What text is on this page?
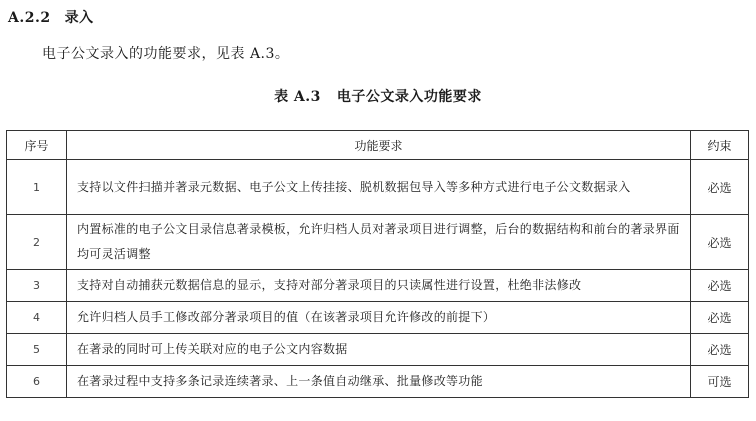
A.2.2 录入
电子公文录入的功能要求，见表 A.3。
表 A.3 电子公文录入功能要求
序号	功能要求	约束
1	支持以文件扫描并著录元数据、电子公文上传挂接、脱机数据包导入等多种方式进行电子公文数据录入	必选
2	内置标准的电子公文目录信息著录模板，允许归档人员对著录项目进行调整，后台的数据结构和前台的著录界面均可灵活调整	必选
3	支持对自动捕获元数据信息的显示，支持对部分著录项目的只读属性进行设置，杜绝非法修改	必选
4	允许归档人员手工修改部分著录项目的值（在该著录项目允许修改的前提下）	必选
5	在著录的同时可上传关联对应的电子公文内容数据	必选
6	在著录过程中支持多条记录连续著录、上一条值自动继承、批量修改等功能	可选
